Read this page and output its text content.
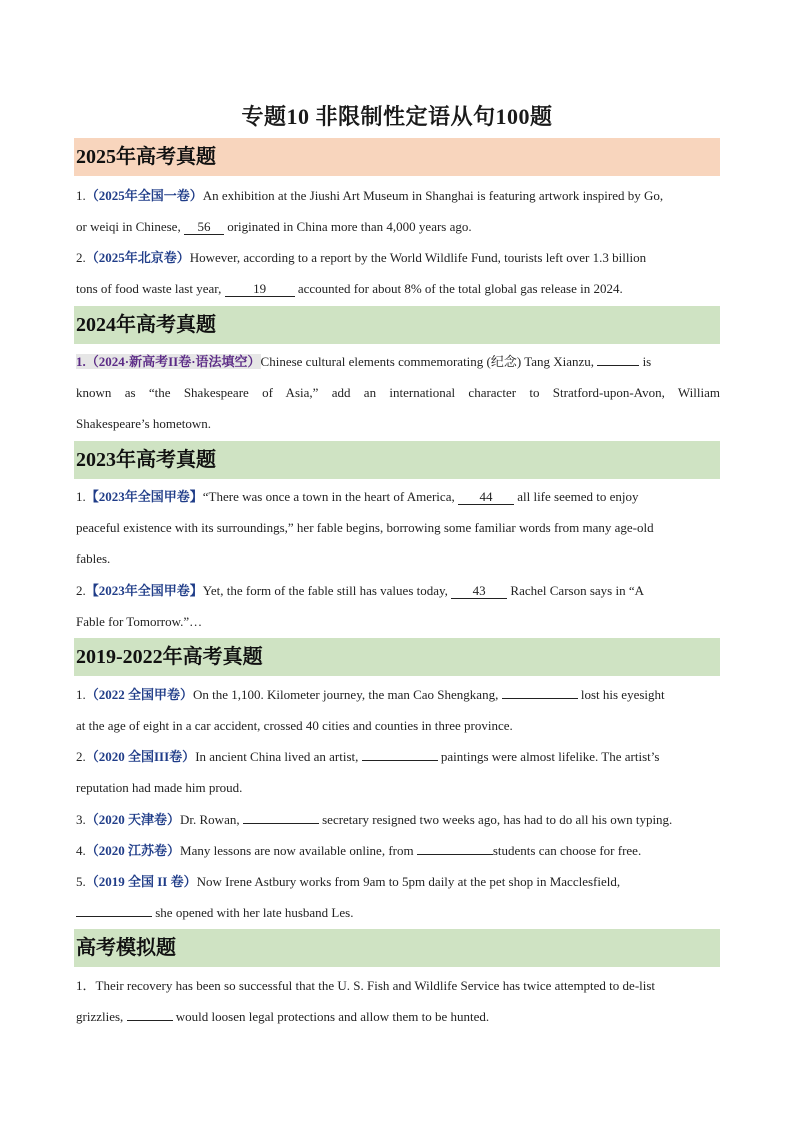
专题10 非限制性定语从句100题
2025年高考真题
1.（2025年全国一卷）An exhibition at the Jiushi Art Museum in Shanghai is featuring artwork inspired by Go,
or weiqi in Chinese, 56 originated in China more than 4,000 years ago.
2.（2025年北京卷）However, according to a report by the World Wildlife Fund, tourists left over 1.3 billion
tons of food waste last year, 19 accounted for about 8% of the total global gas release in 2024.
2024年高考真题
1.（2024·新高考II卷·语法填空）Chinese cultural elements commemorating (纪念) Tang Xianzu,	is
known as “the Shakespeare of Asia,” add an international character to Stratford-upon-Avon, William
Shakespeare’s hometown.
2023年高考真题
1.【2023年全国甲卷】“There was once a town in the heart of America, 44 all life seemed to enjoy
peaceful existence with its surroundings,” her fable begins, borrowing some familiar words from many age-old
fables.
2.【2023年全国甲卷】Yet, the form of the fable still has values today, 43 Rachel Carson says in “A
Fable for Tomorrow.”…
2019-2022年高考真题
1.（2022 全国甲卷）On the 1,100. Kilometer journey, the man Cao Shengkang,	lost his eyesight
at the age of eight in a car accident, crossed 40 cities and counties in three province.
2.（2020 全国III卷）In ancient China lived an artist,	paintings were almost lifelike. The artist’s
reputation had made him proud.
3.（2020 天津卷）Dr. Rowan,	secretary resigned two weeks ago, has had to do all his own typing.
4.（2020 江苏卷）Many lessons are now available online, from	students can choose for free.
5.（2019 全国 II 卷）Now Irene Astbury works from 9am to 5pm daily at the pet shop in Macclesfield,
she opened with her late husband Les.
高考模拟题
1．Their recovery has been so successful that the U. S. Fish and Wildlife Service has twice attempted to de-list
grizzlies,	would loosen legal protections and allow them to be hunted.
